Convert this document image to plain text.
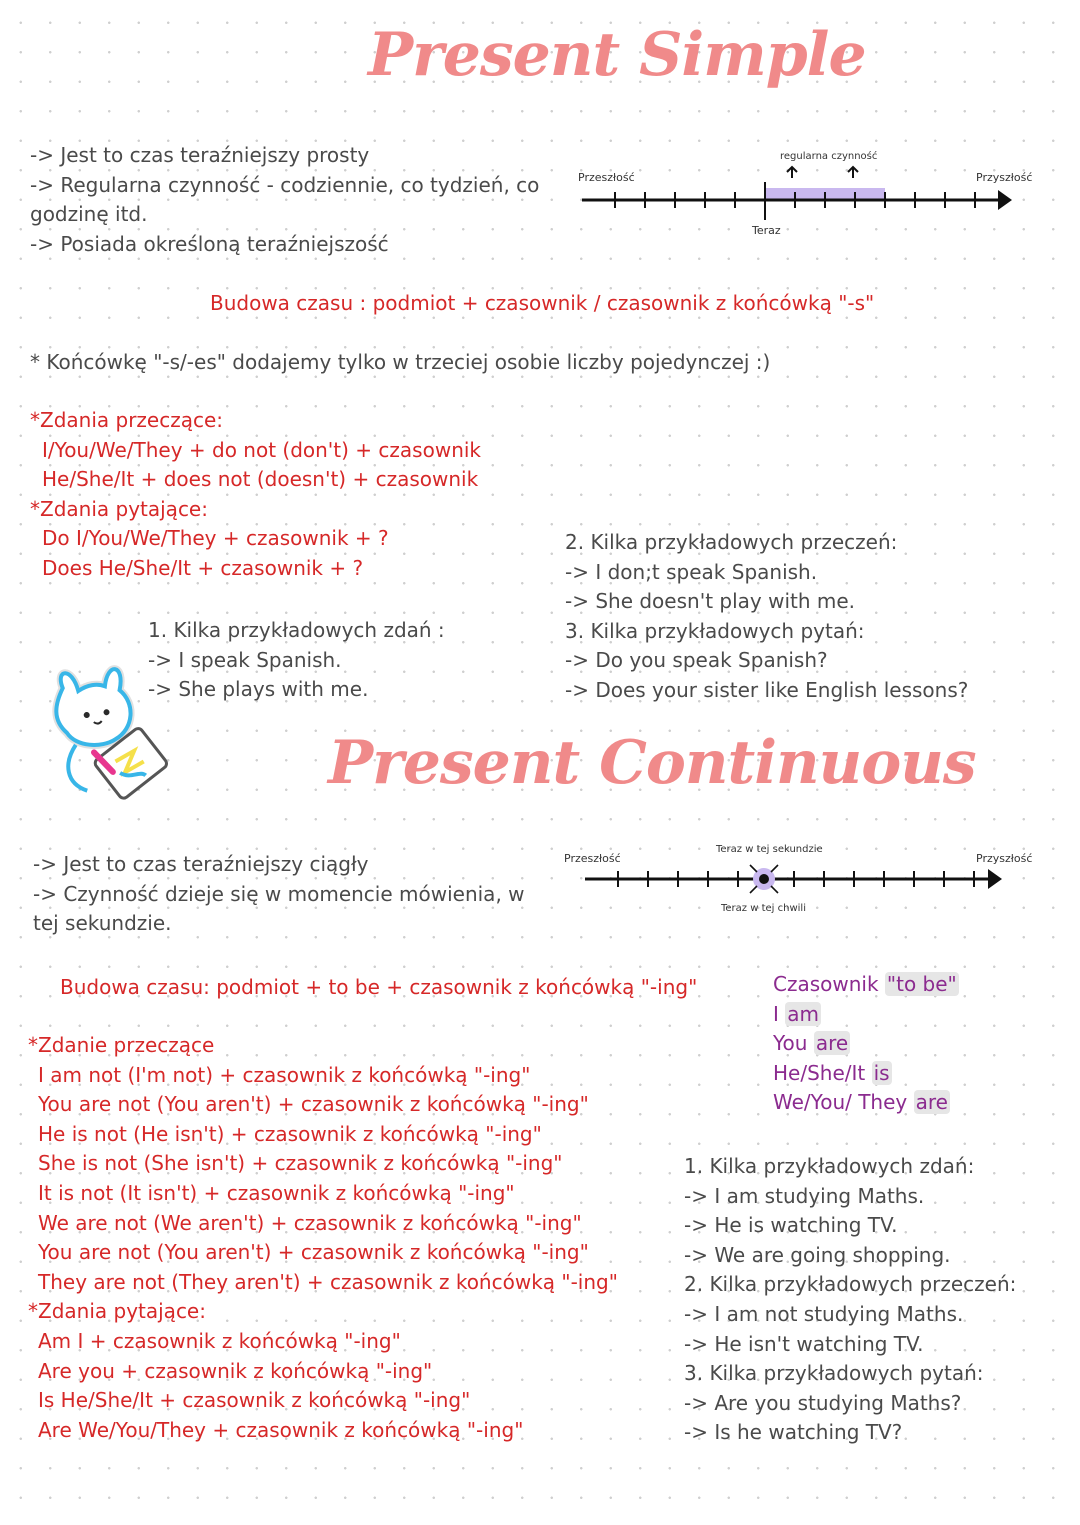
Present Simple
-> Jest to czas teraźniejszy prosty
-> Regularna czynność - codziennie, co tydzień, co
godzinę itd.
-> Posiada określoną teraźniejszość
Przeszłość	Przyszłość
Teraz
regularna czynność
Budowa czasu : podmiot + czasownik / czasownik z końcówką "-s"
* Końcówkę "-s/-es" dodajemy tylko w trzeciej osobie liczby pojedynczej :)
*Zdania przeczące:
I/You/We/They + do not (don't) + czasownik
He/She/It + does not (doesn't) + czasownik
*Zdania pytające:
Do I/You/We/They + czasownik + ?
Does He/She/It + czasownik + ?
1. Kilka przykładowych zdań :
-> I speak Spanish.
-> She plays with me.
2. Kilka przykładowych przeczeń:
-> I don;t speak Spanish.
-> She doesn't play with me.
3. Kilka przykładowych pytań:
-> Do you speak Spanish?
-> Does your sister like English lessons?
Present Continuous
-> Jest to czas teraźniejszy ciągły
-> Czynność dzieje się w momencie mówienia, w
tej sekundzie.
Przeszłość	Przyszłość
Teraz w tej sekundzie
Teraz w tej chwili
Budowa czasu: podmiot + to be + czasownik z końcówką "-ing"	Czasownik "to be"
I am
You are
He/She/It is
We/You/ They are
*Zdanie przeczące
I am not (I'm not) + czasownik z końcówką "-ing"
You are not (You aren't) + czasownik z końcówką "-ing"
He is not (He isn't) + czasownik z końcówką "-ing"
She is not (She isn't) + czasownik z końcówką "-ing"
It is not (It isn't) + czasownik z końcówką "-ing"
We are not (We aren't) + czasownik z końcówką "-ing"
You are not (You aren't) + czasownik z końcówką "-ing"
They are not (They aren't) + czasownik z końcówką "-ing"
*Zdania pytające:
Am I + czasownik z końcówką "-ing"
Are you + czasownik z końcówką "-ing"
Is He/She/It + czasownik z końcówką "-ing"
Are We/You/They + czasownik z końcówką "-ing"
1. Kilka przykładowych zdań:
-> I am studying Maths.
-> He is watching TV.
-> We are going shopping.
2. Kilka przykładowych przeczeń:
-> I am not studying Maths.
-> He isn't watching TV.
3. Kilka przykładowych pytań:
-> Are you studying Maths?
-> Is he watching TV?
